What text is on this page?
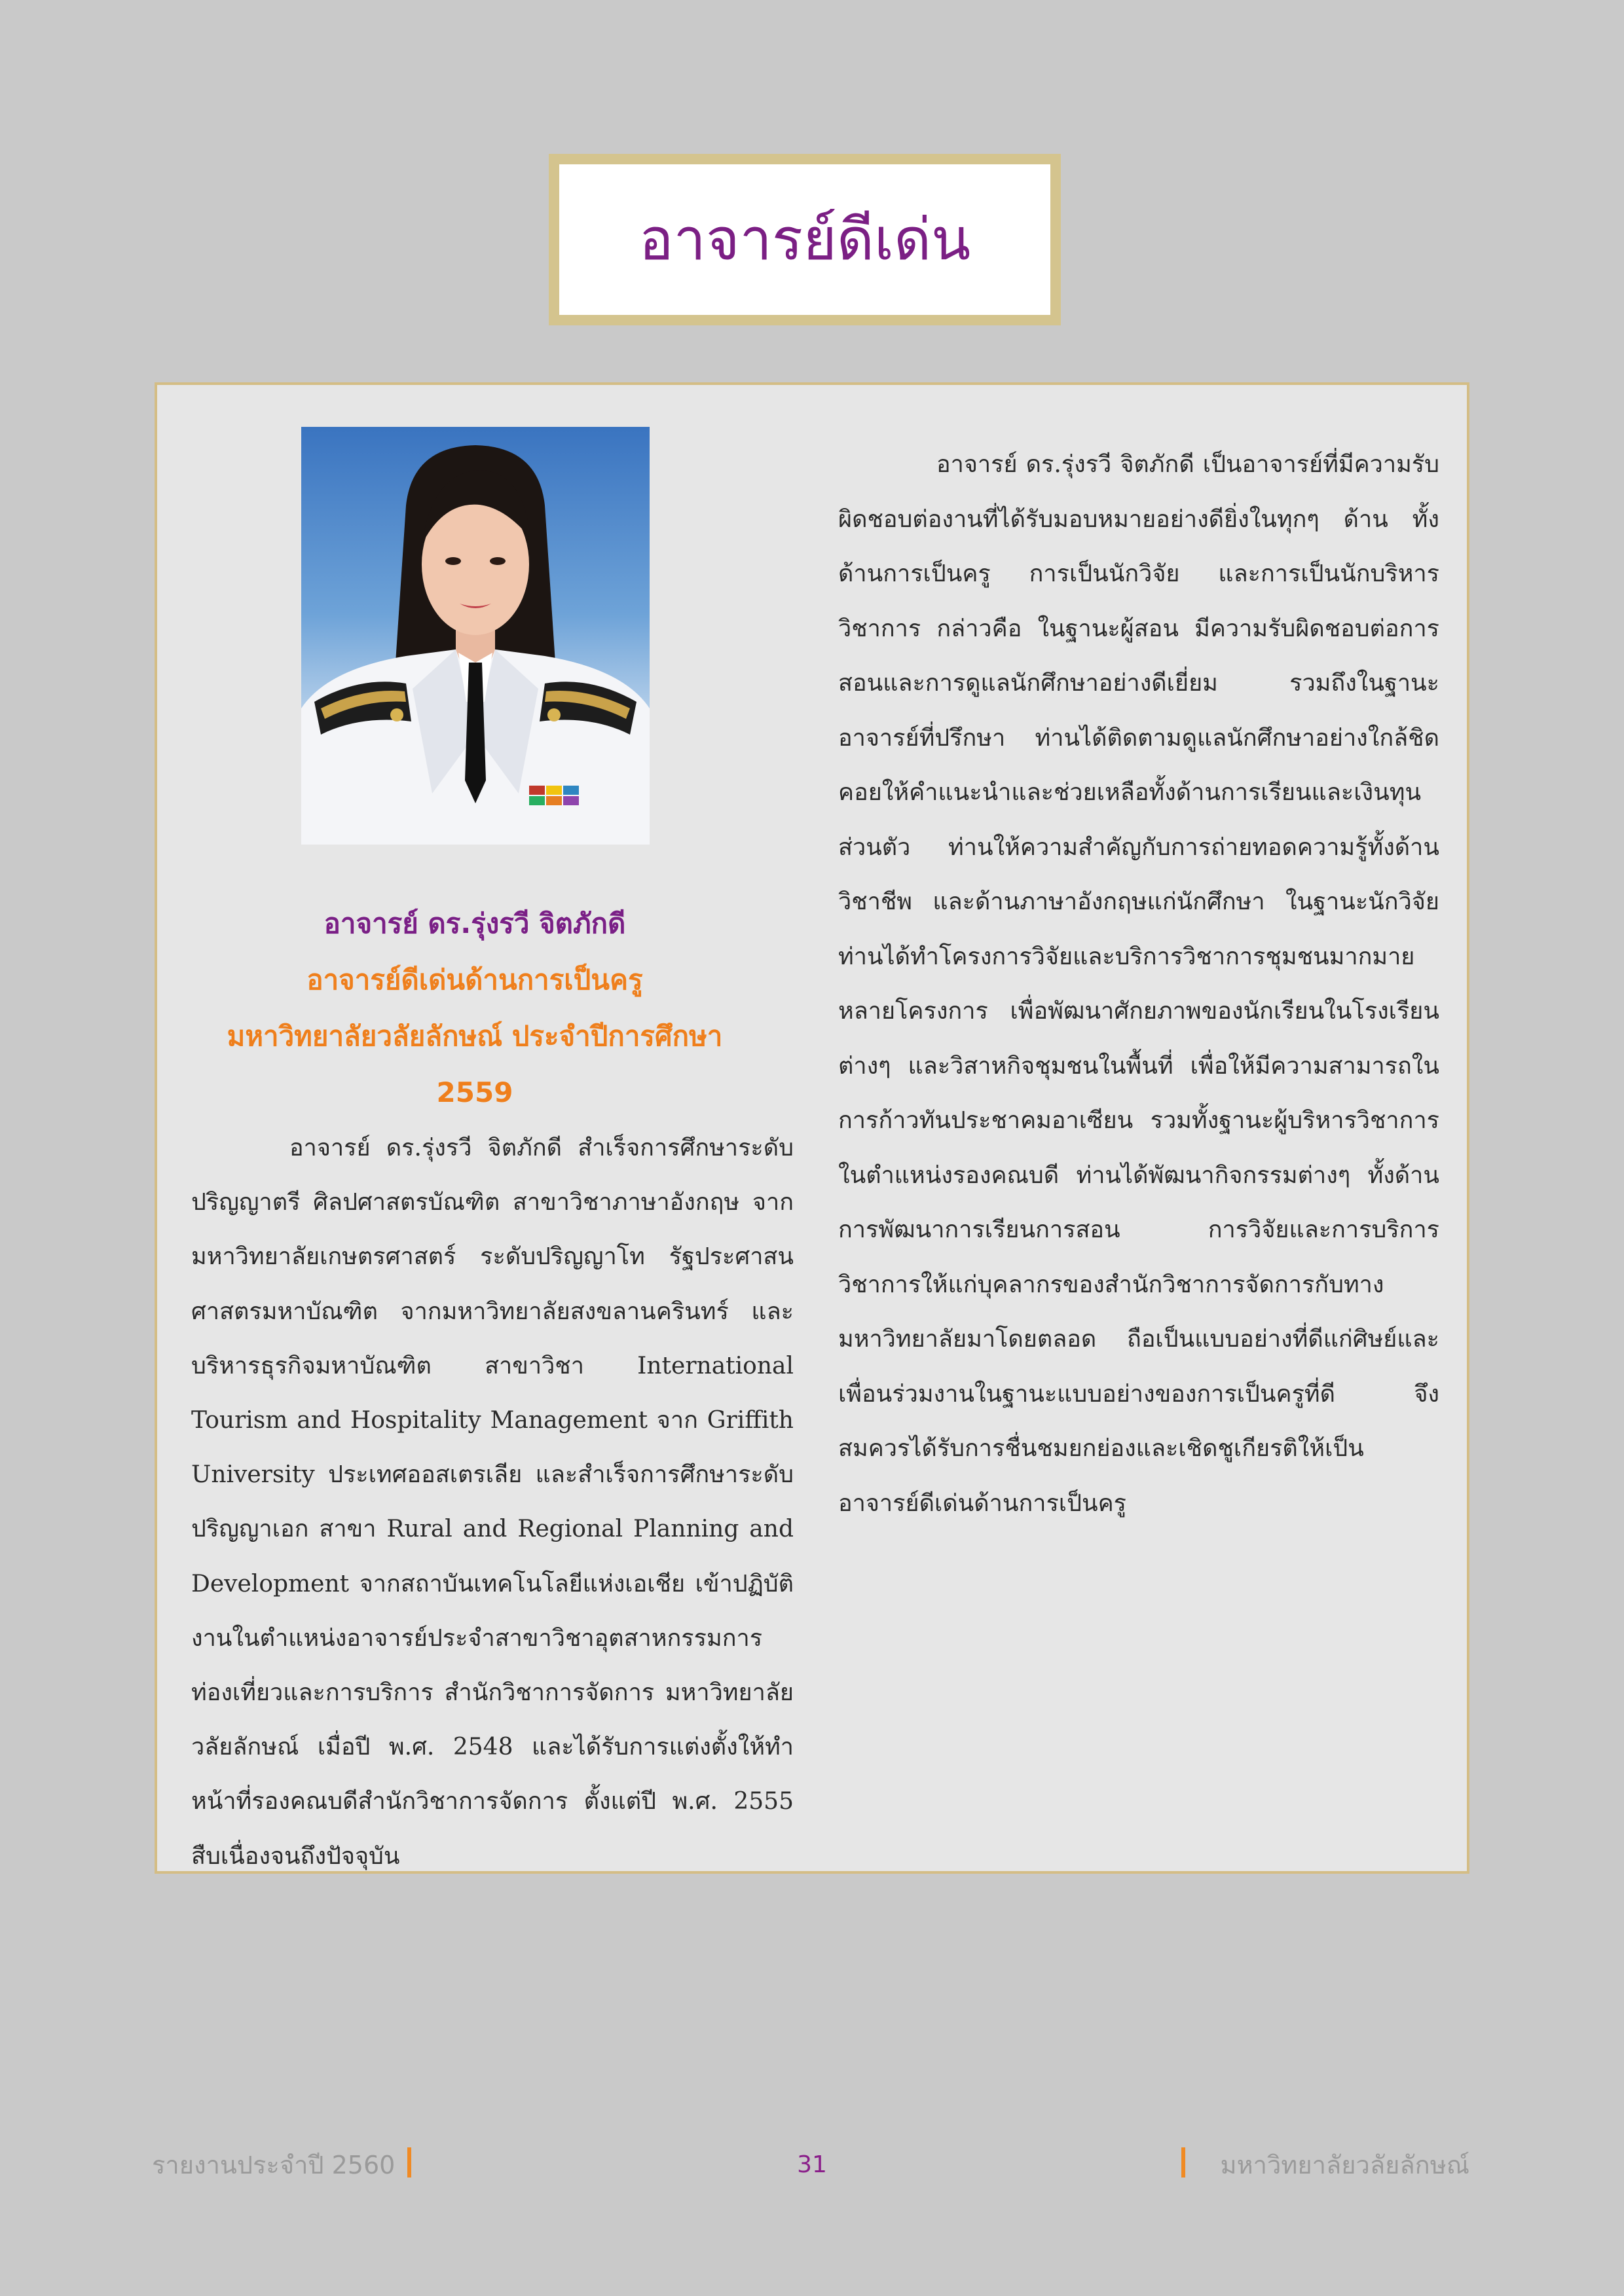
อาจารย์ดีเด่น
อาจารย์ ดร.รุ่งรวี จิตภักดี
อาจารย์ดีเด่นด้านการเป็นครู
มหาวิทยาลัยวลัยลักษณ์ ประจำปีการศึกษา 2559

อาจารย์ ดร.รุ่งรวี จิตภักดี สำเร็จการศึกษาระดับปริญญาตรี ศิลปศาสตรบัณฑิต สาขาวิชาภาษาอังกฤษ จากมหาวิทยาลัยเกษตรศาสตร์ ระดับปริญญาโท รัฐประศาสนศาสตรมหาบัณฑิต จากมหาวิทยาลัยสงขลานครินทร์ และบริหารธุรกิจมหาบัณฑิต สาขาวิชา International Tourism and Hospitality Management จาก Griffith University ประเทศออสเตรเลีย และสำเร็จการศึกษาระดับปริญญาเอก สาขา Rural and Regional Planning and Development จากสถาบันเทคโนโลยีแห่งเอเชีย เข้าปฏิบัติงานในตำแหน่งอาจารย์ประจำสาขาวิชาอุตสาหกรรมการท่องเที่ยวและการบริการ สำนักวิชาการจัดการ มหาวิทยาลัยวลัยลักษณ์ เมื่อปี พ.ศ. 2548 และได้รับการแต่งตั้งให้ทำหน้าที่รองคณบดีสำนักวิชาการจัดการ ตั้งแต่ปี พ.ศ. 2555 สืบเนื่องจนถึงปัจจุบัน

อาจารย์ ดร.รุ่งรวี จิตภักดี เป็นอาจารย์ที่มีความรับผิดชอบต่องานที่ได้รับมอบหมายอย่างดียิ่งในทุกๆ ด้าน ทั้งด้านการเป็นครู การเป็นนักวิจัย และการเป็นนักบริหารวิชาการ กล่าวคือ ในฐานะผู้สอน มีความรับผิดชอบต่อการสอนและการดูแลนักศึกษาอย่างดีเยี่ยม รวมถึงในฐานะอาจารย์ที่ปรึกษา ท่านได้ติดตามดูแลนักศึกษาอย่างใกล้ชิด คอยให้คำแนะนำและช่วยเหลือทั้งด้านการเรียนและเงินทุนส่วนตัว ท่านให้ความสำคัญกับการถ่ายทอดความรู้ทั้งด้านวิชาชีพ และด้านภาษาอังกฤษแก่นักศึกษา ในฐานะนักวิจัย ท่านได้ทำโครงการวิจัยและบริการวิชาการชุมชนมากมายหลายโครงการ เพื่อพัฒนาศักยภาพของนักเรียนในโรงเรียนต่างๆ และวิสาหกิจชุมชนในพื้นที่ เพื่อให้มีความสามารถในการก้าวทันประชาคมอาเซียน รวมทั้งฐานะผู้บริหารวิชาการในตำแหน่งรองคณบดี ท่านได้พัฒนากิจกรรมต่างๆ ทั้งด้านการพัฒนาการเรียนการสอน การวิจัยและการบริการวิชาการให้แก่บุคลากรของสำนักวิชาการจัดการกับทางมหาวิทยาลัยมาโดยตลอด ถือเป็นแบบอย่างที่ดีแก่ศิษย์และเพื่อนร่วมงานในฐานะแบบอย่างของการเป็นครูที่ดี จึงสมควรได้รับการชื่นชมยกย่องและเชิดชูเกียรติให้เป็นอาจารย์ดีเด่นด้านการเป็นครู

รายงานประจำปี 2560	31	มหาวิทยาลัยวลัยลักษณ์
